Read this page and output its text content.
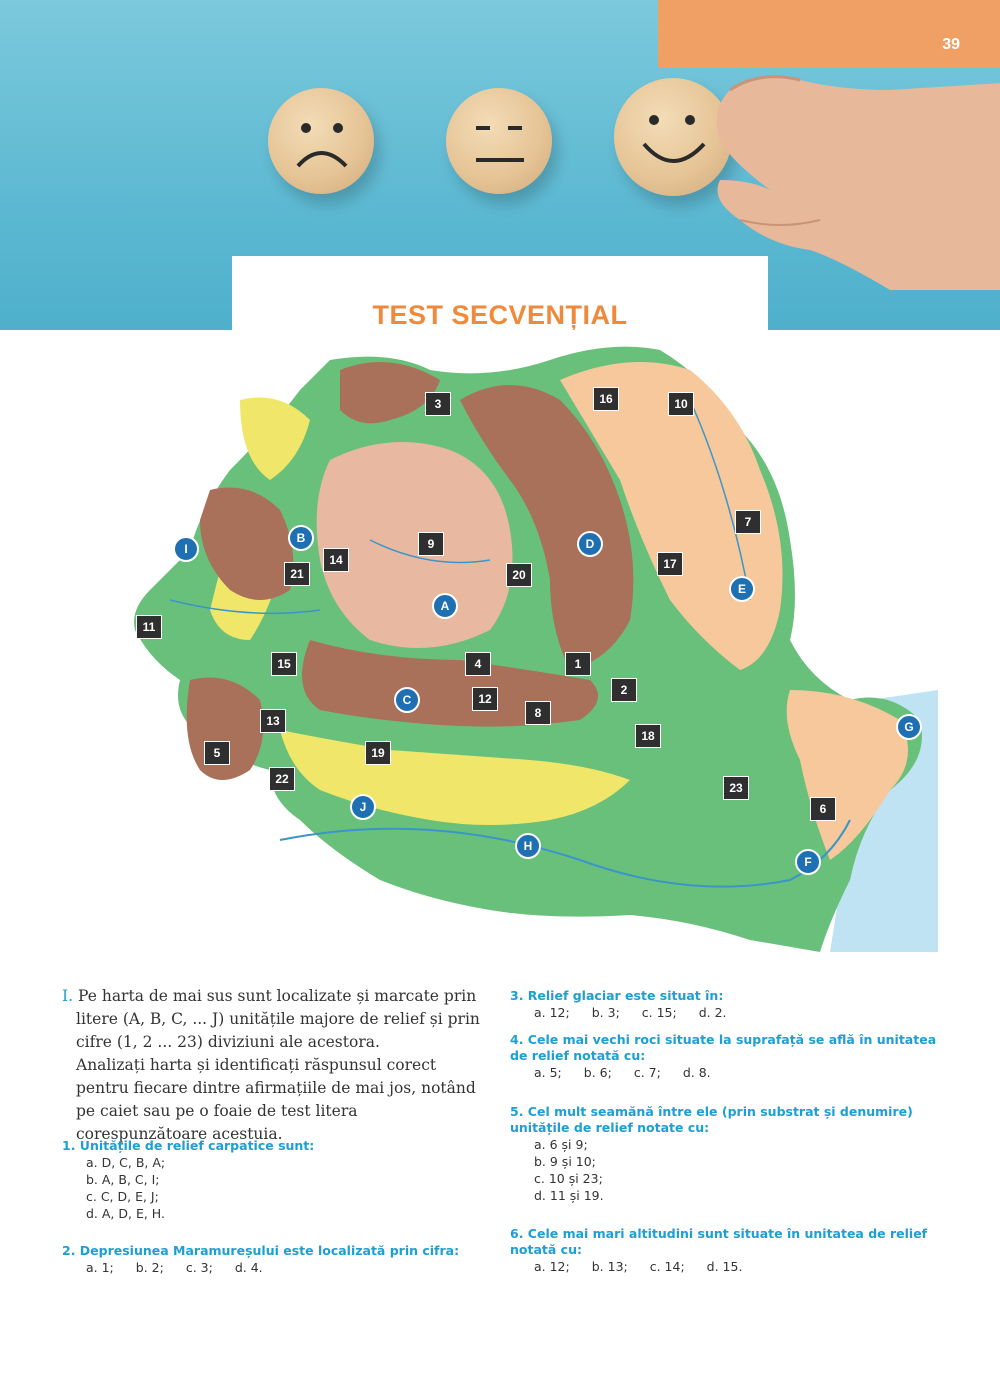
39
TEST SECVENȚIAL
1
2
3
4
5
6
7
8
9
10
11
12
13
14
15
16
17
18
19
20
21
22
23
A
B
C
D
E
F
G
H
I
J

I. Pe harta de mai sus sunt localizate și marcate prin litere (A, B, C, ... J) unitățile majore de relief și prin cifre (1, 2 ... 23) diviziuni ale acestora.

Analizați harta și identificați răspunsul corect pentru fiecare dintre afirmațiile de mai jos, notând pe caiet sau pe o foaie de test litera corespunzătoare acestuia.

1. Unitățile de relief carpatice sunt:
a. D, C, B, A;
b. A, B, C, I;
c. C, D, E, J;
d. A, D, E, H.
2. Depresiunea Maramureșului este localizată prin cifra:
a. 1; b. 2; c. 3; d. 4.
3. Relief glaciar este situat în:
a. 12; b. 3; c. 15; d. 2.
4. Cele mai vechi roci situate la suprafață se află în unitatea de relief notată cu:
a. 5; b. 6; c. 7; d. 8.
5. Cel mult seamănă între ele (prin substrat și denumire) unitățile de relief notate cu:
a. 6 și 9;
b. 9 și 10;
c. 10 și 23;
d. 11 și 19.
6. Cele mai mari altitudini sunt situate în unitatea de relief notată cu:
a. 12; b. 13; c. 14; d. 15.
